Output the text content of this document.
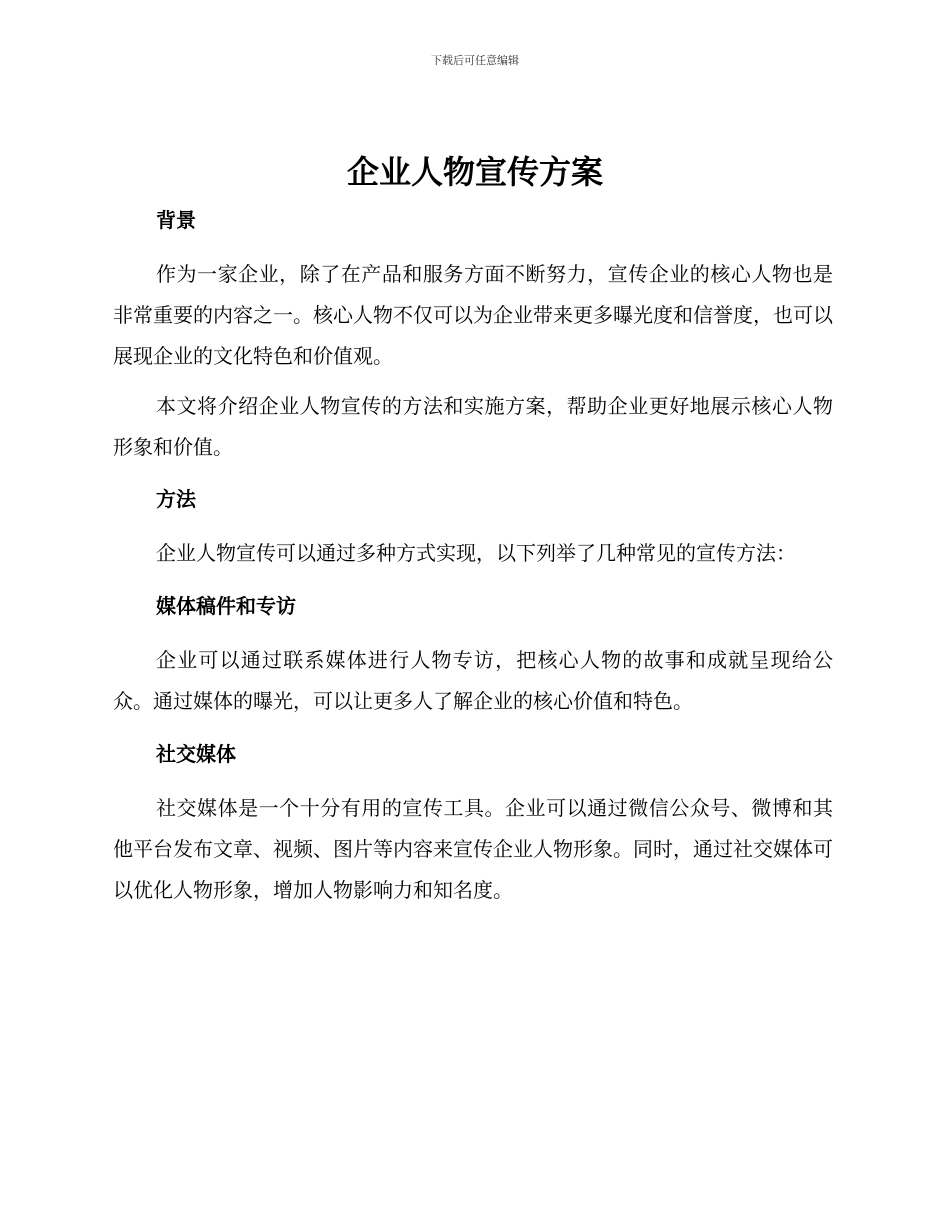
下载后可任意编辑
企业人物宣传方案
背景

作为一家企业，除了在产品和服务方面不断努力，宣传企业的核心人物也是非常重要的内容之一。核心人物不仅可以为企业带来更多曝光度和信誉度，也可以展现企业的文化特色和价值观。

本文将介绍企业人物宣传的方法和实施方案，帮助企业更好地展示核心人物形象和价值。

方法

企业人物宣传可以通过多种方式实现，以下列举了几种常见的宣传方法：

媒体稿件和专访

企业可以通过联系媒体进行人物专访，把核心人物的故事和成就呈现给公众。通过媒体的曝光，可以让更多人了解企业的核心价值和特色。

社交媒体

社交媒体是一个十分有用的宣传工具。企业可以通过微信公众号、微博和其他平台发布文章、视频、图片等内容来宣传企业人物形象。同时，通过社交媒体可以优化人物形象，增加人物影响力和知名度。
